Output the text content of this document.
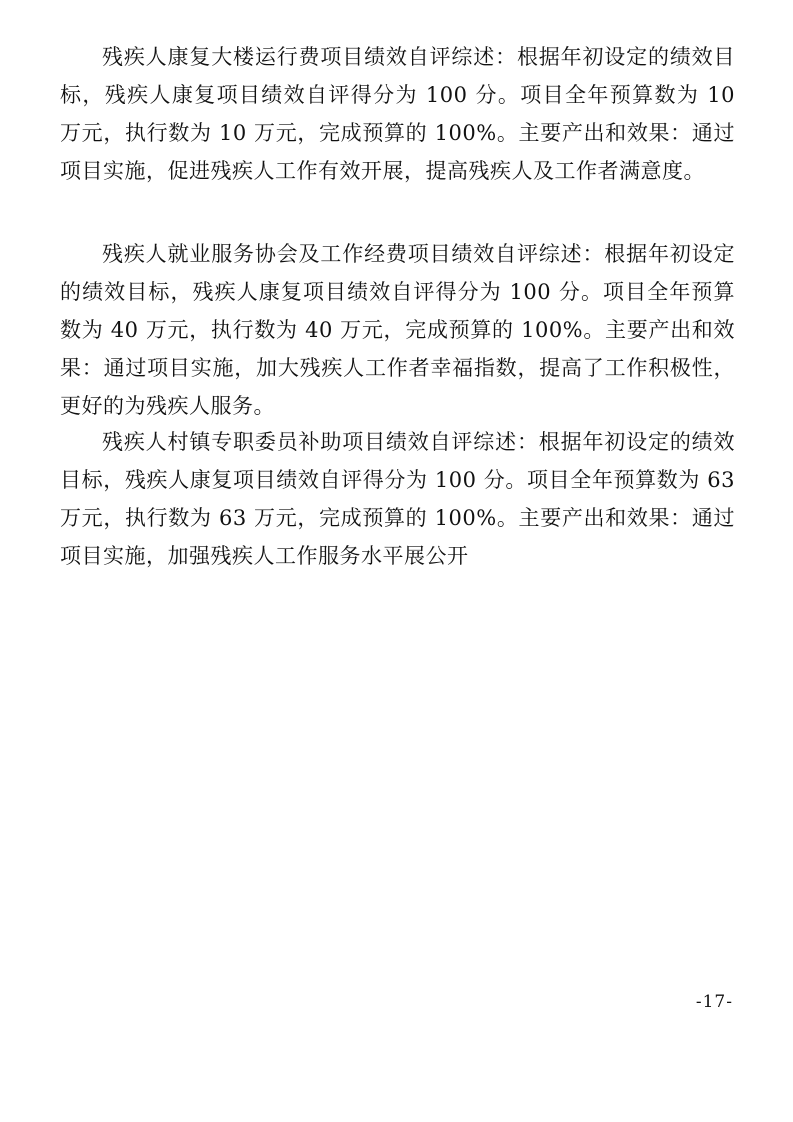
残疾人康复大楼运行费项目绩效自评综述：根据年初设定的绩效目标，残疾人康复项目绩效自评得分为 100 分。项目全年预算数为 10 万元，执行数为 10 万元，完成预算的 100%。主要产出和效果：通过项目实施，促进残疾人工作有效开展，提高残疾人及工作者满意度。

残疾人就业服务协会及工作经费项目绩效自评综述：根据年初设定的绩效目标，残疾人康复项目绩效自评得分为 100 分。项目全年预算数为 40 万元，执行数为 40 万元，完成预算的 100%。主要产出和效果：通过项目实施，加大残疾人工作者幸福指数，提高了工作积极性，更好的为残疾人服务。

残疾人村镇专职委员补助项目绩效自评综述：根据年初设定的绩效目标，残疾人康复项目绩效自评得分为 100 分。项目全年预算数为 63 万元，执行数为 63 万元，完成预算的 100%。主要产出和效果：通过项目实施，加强残疾人工作服务水平展公开

-17-
